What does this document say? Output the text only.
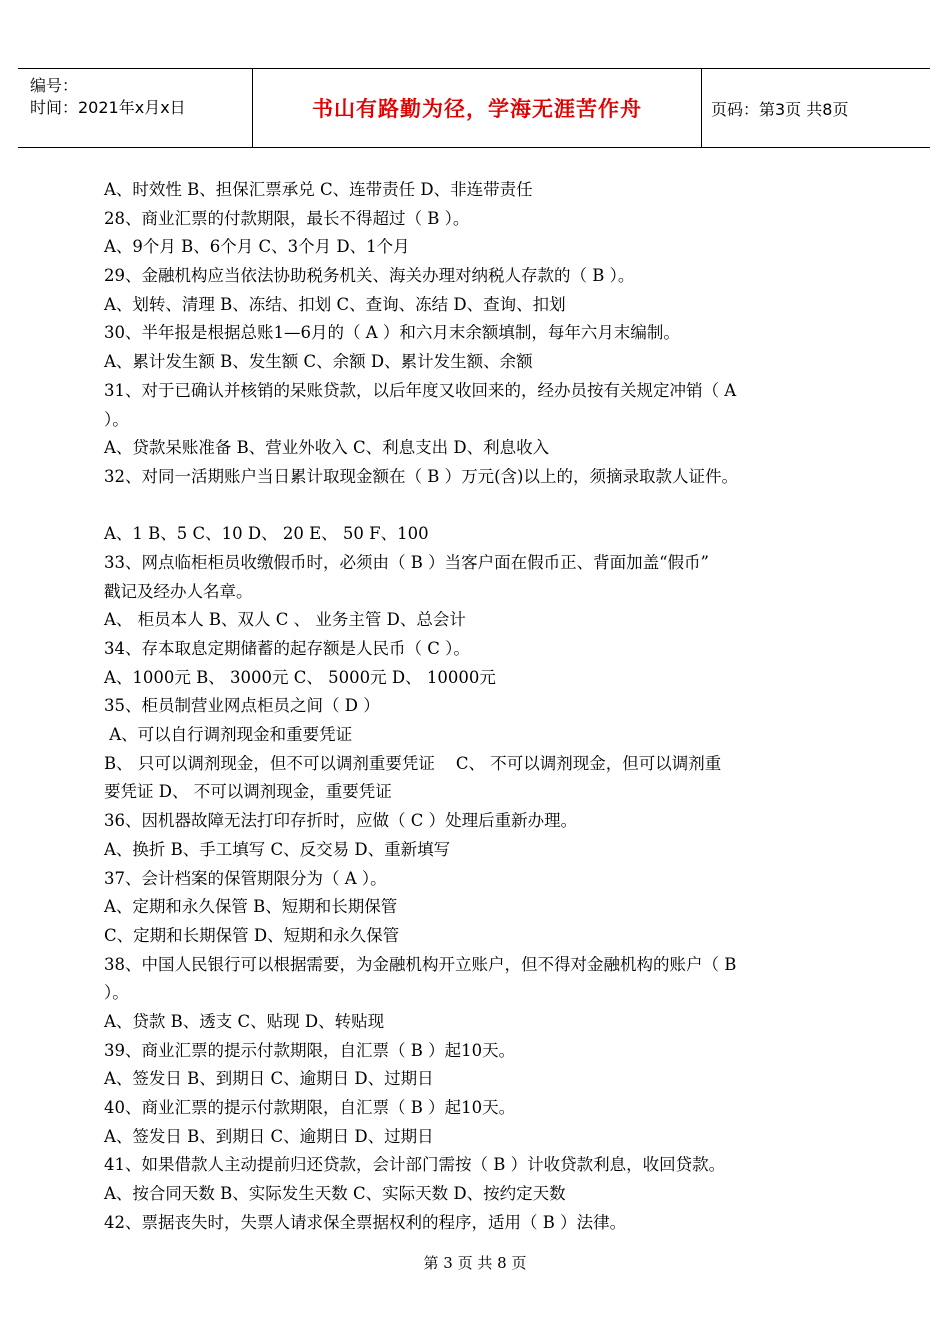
编号：
时间：2021年x月x日	书山有路勤为径，学海无涯苦作舟	页码：第3页 共8页
A、时效性 B、担保汇票承兑 C、连带责任 D、非连带责任
28、商业汇票的付款期限，最长不得超过（ B ）。
A、9个月 B、6个月 C、3个月 D、1个月
29、金融机构应当依法协助税务机关、海关办理对纳税人存款的（ B ）。
A、划转、清理 B、冻结、扣划 C、查询、冻结 D、查询、扣划
30、半年报是根据总账1—6月的（ A ）和六月末余额填制，每年六月末编制。
A、累计发生额 B、发生额 C、余额 D、累计发生额、余额
31、对于已确认并核销的呆账贷款，以后年度又收回来的，经办员按有关规定冲销（ A
）。
A、贷款呆账准备 B、营业外收入 C、利息支出 D、利息收入
32、对同一活期账户当日累计取现金额在（ B ）万元(含)以上的，须摘录取款人证件。
A、1 B、5 C、10 D、 20 E、 50 F、100
33、网点临柜柜员收缴假币时，必须由（ B ）当客户面在假币正、背面加盖“假币”
戳记及经办人名章。
A、 柜员本人 B、双人 C 、 业务主管 D、总会计
34、存本取息定期储蓄的起存额是人民币（ C ）。
A、1000元 B、 3000元 C、 5000元 D、 10000元
35、柜员制营业网点柜员之间（ D ）
A、可以自行调剂现金和重要凭证
B、 只可以调剂现金，但不可以调剂重要凭证    C、 不可以调剂现金，但可以调剂重
要凭证 D、 不可以调剂现金，重要凭证
36、因机器故障无法打印存折时，应做（ C ）处理后重新办理。
A、换折 B、手工填写 C、反交易 D、重新填写
37、会计档案的保管期限分为（ A ）。
A、定期和永久保管 B、短期和长期保管
C、定期和长期保管 D、短期和永久保管
38、中国人民银行可以根据需要，为金融机构开立账户，但不得对金融机构的账户（ B
）。
A、贷款 B、透支 C、贴现 D、转贴现
39、商业汇票的提示付款期限，自汇票（ B ）起10天。
A、签发日 B、到期日 C、逾期日 D、过期日
40、商业汇票的提示付款期限，自汇票（ B ）起10天。
A、签发日 B、到期日 C、逾期日 D、过期日
41、如果借款人主动提前归还贷款，会计部门需按（ B ）计收贷款利息，收回贷款。
A、按合同天数 B、实际发生天数 C、实际天数 D、按约定天数
42、票据丧失时，失票人请求保全票据权利的程序，适用（ B ）法律。
第 3 页 共 8 页
